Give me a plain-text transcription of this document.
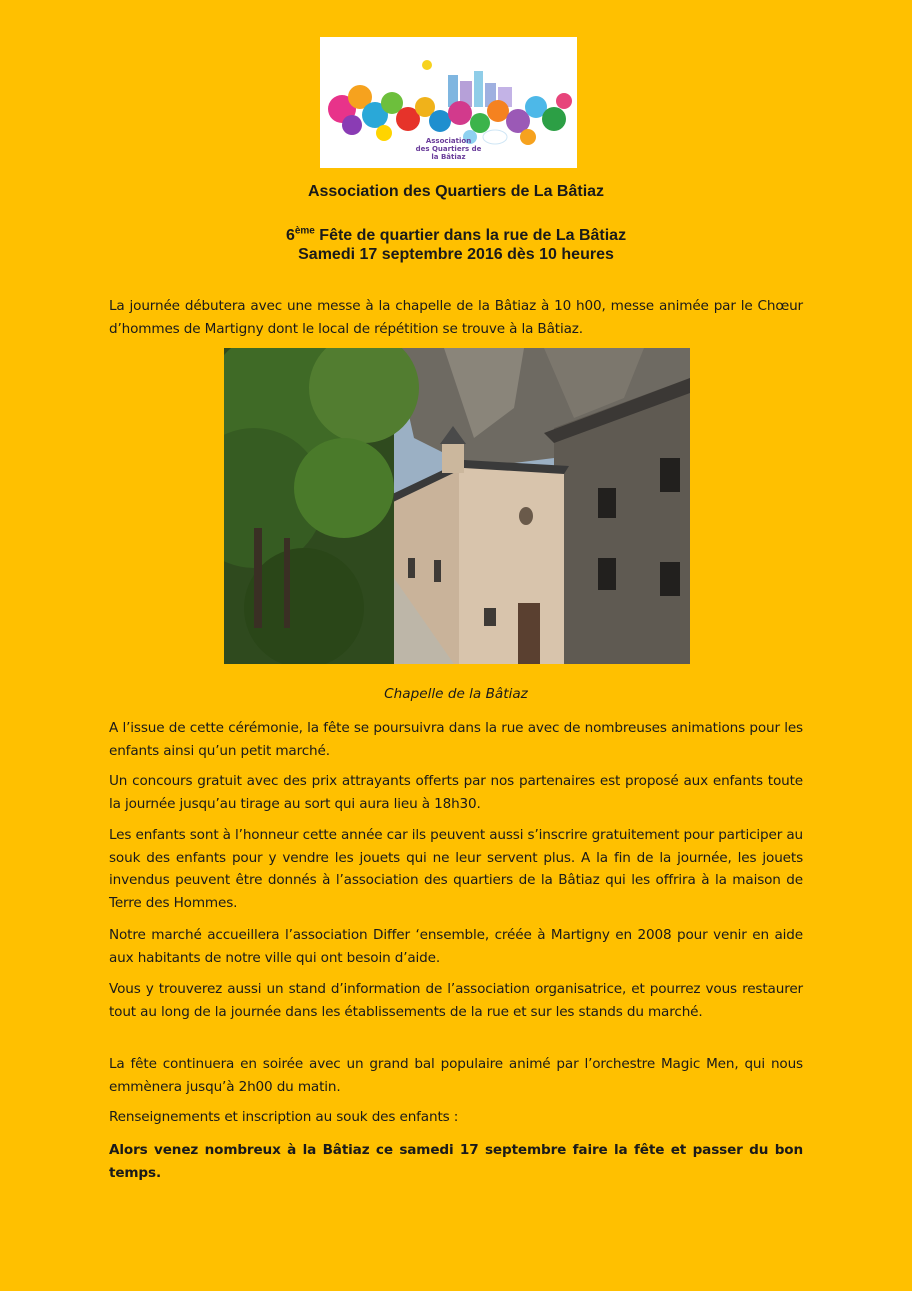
Association
des Quartiers de
la Bâtiaz
Association des Quartiers de La Bâtiaz
6ème Fête de quartier dans la rue de La Bâtiaz
Samedi 17 septembre 2016 dès 10 heures
La journée débutera avec une messe à la chapelle de la Bâtiaz à 10 h00, messe animée par le Chœur d’hommes de Martigny dont le local de répétition se trouve à la Bâtiaz.
Chapelle de la Bâtiaz
A l’issue de cette cérémonie, la fête se poursuivra dans la rue avec de nombreuses animations pour les enfants ainsi qu’un petit marché.
Un concours gratuit avec des prix attrayants offerts par nos partenaires est proposé aux enfants toute la journée jusqu’au tirage au sort qui aura lieu à 18h30.
Les enfants sont à l’honneur cette année car ils peuvent aussi s’inscrire gratuitement pour participer au souk des enfants pour y vendre les jouets qui ne leur servent plus. A la fin de la journée, les jouets invendus peuvent être donnés à l’association des quartiers de la Bâtiaz qui les offrira à la maison de Terre des Hommes.
Notre marché accueillera l’association Differ ‘ensemble, créée à Martigny en 2008 pour venir en aide aux habitants de notre ville qui ont besoin d’aide.
Vous y trouverez aussi un stand d’information de l’association organisatrice, et pourrez vous restaurer tout au long de la journée dans les établissements de la rue et sur les stands du marché.
La fête continuera en soirée avec un grand bal populaire animé par l’orchestre Magic Men, qui nous emmènera jusqu’à 2h00 du matin.
Renseignements et inscription au souk des enfants :
Alors venez nombreux à la Bâtiaz ce samedi 17 septembre faire la fête et passer du bon temps.
